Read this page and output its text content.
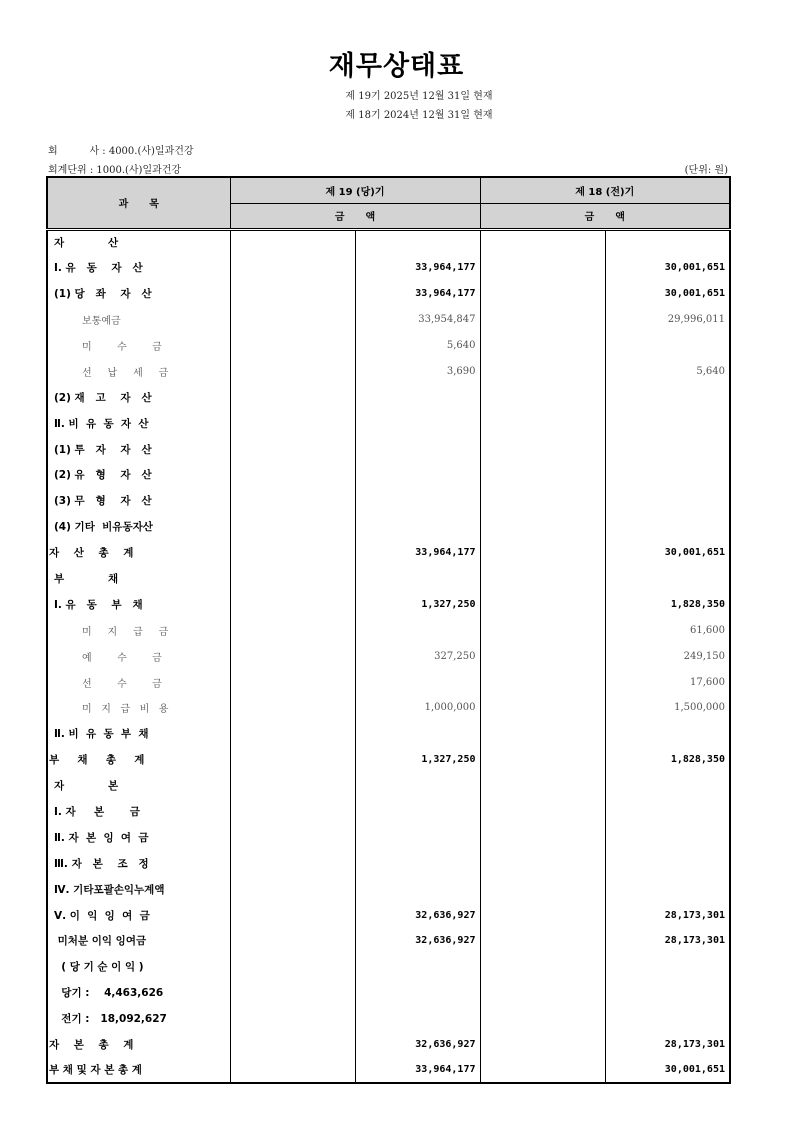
재무상태표
제 19기 2025년 12월 31일 현재
제 18기 2024년 12월 31일 현재
회          사 : 4000.(사)일과건강
회계단위 : 1000.(사)일과건강	(단위: 원)
과      목	제 19 (당)기		제 18 (전)기	
	금      액		금      액	
자            산				
Ⅰ. 유   동    자   산		33,964,177		30,001,651
(1) 당   좌    자   산		33,964,177		30,001,651
보통예금		33,954,847		29,996,011
미        수        금		5,640		
선     납     세     금		3,690		5,640
(2) 재   고    자   산				
Ⅱ. 비  유  동  자  산				
(1) 투   자    자   산				
(2) 유   형    자   산				
(3) 무   형    자   산				
(4) 기타  비유동자산				
자    산    총    계		33,964,177		30,001,651
부            채				
Ⅰ. 유   동    부   채		1,327,250		1,828,350
미     지     급     금				61,600
예        수        금		327,250		249,150
선        수        금				17,600
미   지   급   비   용		1,000,000		1,500,000
Ⅱ. 비  유  동  부  채				
부     채     총     계		1,327,250		1,828,350
자            본				
Ⅰ. 자     본       금				
Ⅱ. 자  본  잉  여  금				
Ⅲ. 자   본    조   정				
Ⅳ. 기타포괄손익누계액				
Ⅴ. 이  익  잉  여  금		32,636,927		28,173,301
미처분 이익 잉여금		32,636,927		28,173,301
( 당 기 순 이 익 )				
당기 :    4,463,626				
전기 :   18,092,627				
자    본    총    계		32,636,927		28,173,301
부 채 및 자 본 총 계		33,964,177		30,001,651
